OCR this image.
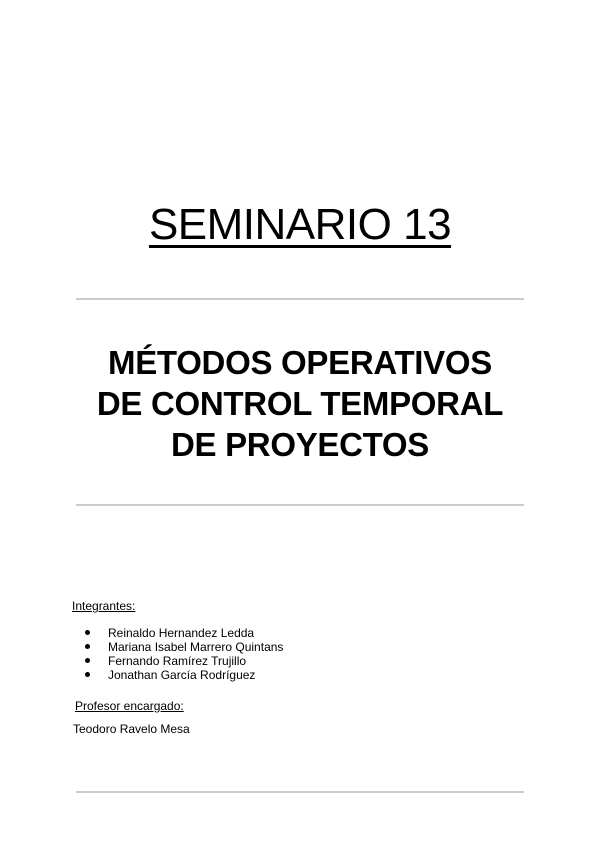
SEMINARIO 13
MÉTODOS OPERATIVOS
DE CONTROL TEMPORAL
DE PROYECTOS
Integrantes:
Reinaldo Hernandez Ledda
Mariana Isabel Marrero Quintans
Fernando Ramírez Trujillo
Jonathan García Rodríguez
Profesor encargado:
Teodoro Ravelo Mesa
